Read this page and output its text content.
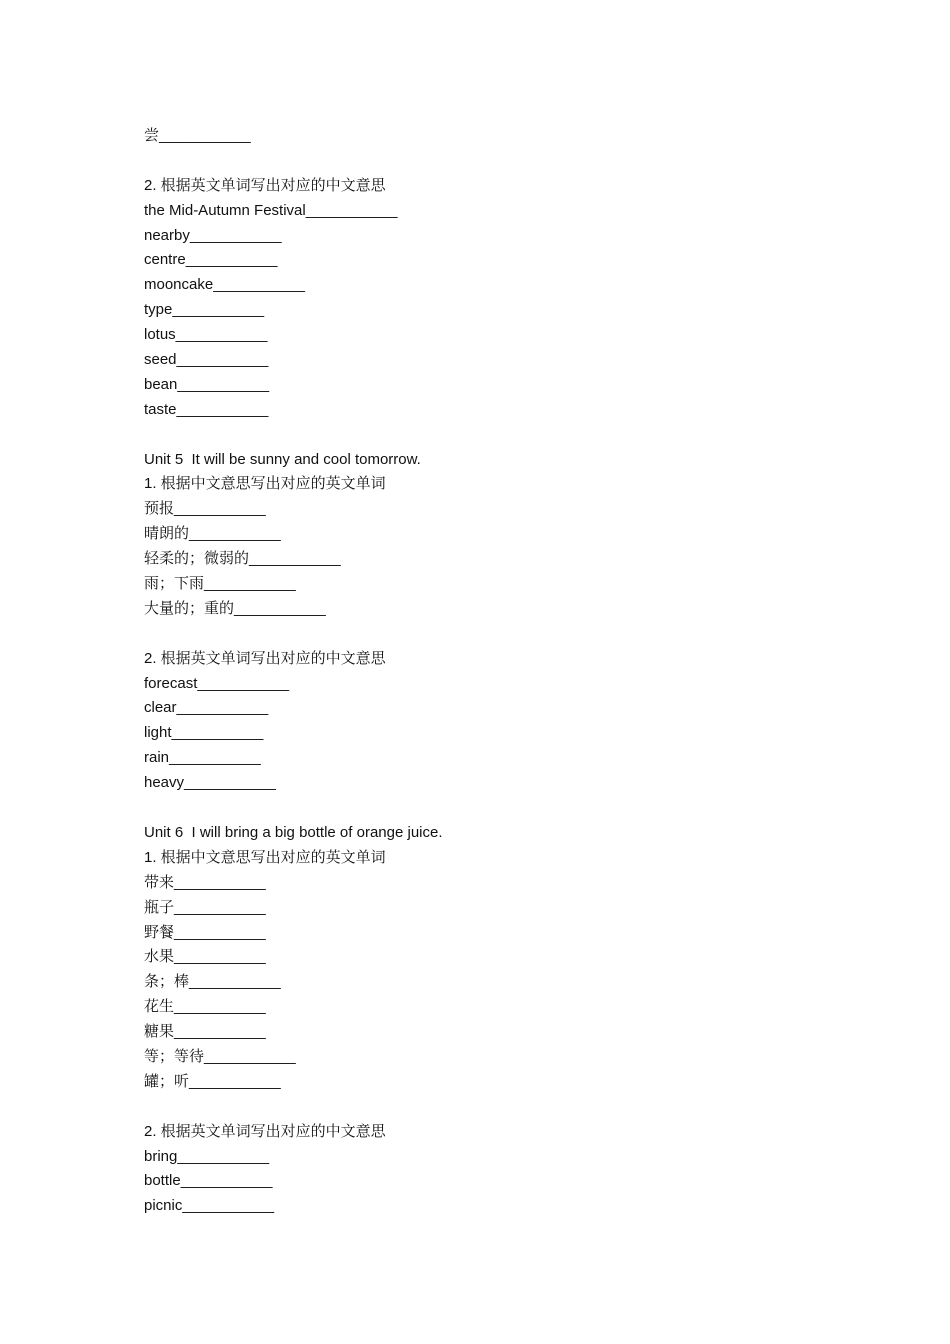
尝___________
2. 根据英文单词写出对应的中文意思
the Mid-Autumn Festival___________
nearby___________
centre___________
mooncake___________
type___________
lotus___________
seed___________
bean___________
taste___________
Unit 5  It will be sunny and cool tomorrow.
1. 根据中文意思写出对应的英文单词
预报___________
晴朗的___________
轻柔的；微弱的___________
雨；下雨___________
大量的；重的___________
2. 根据英文单词写出对应的中文意思
forecast___________
clear___________
light___________
rain___________
heavy___________
Unit 6  I will bring a big bottle of orange juice.
1. 根据中文意思写出对应的英文单词
带来___________
瓶子___________
野餐___________
水果___________
条；棒___________
花生___________
糖果___________
等；等待___________
罐；听___________
2. 根据英文单词写出对应的中文意思
bring___________
bottle___________
picnic___________
